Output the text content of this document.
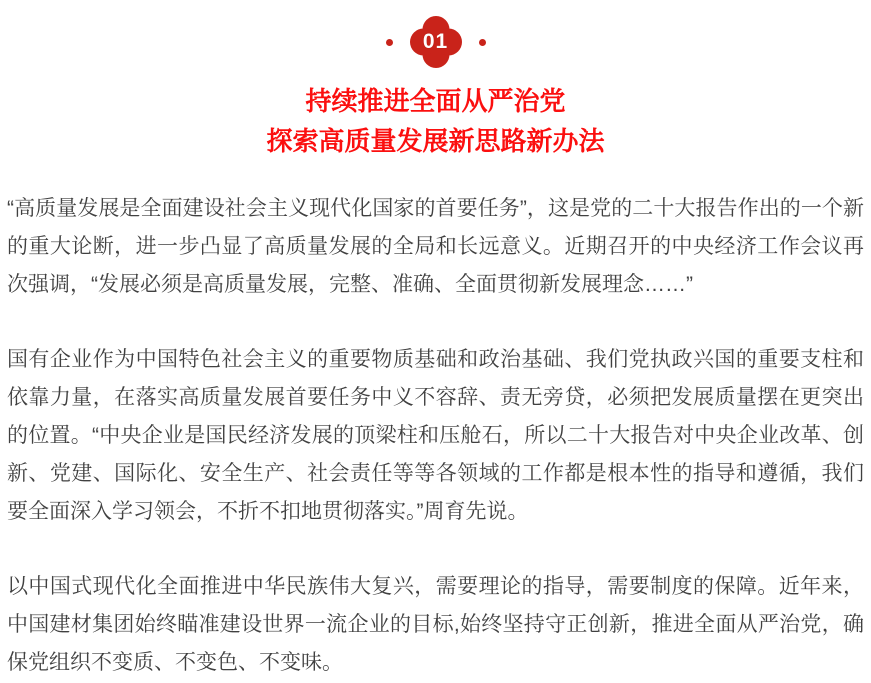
01
持续推进全面从严治党
探索高质量发展新思路新办法

“高质量发展是全面建设社会主义现代化国家的首要任务”，这是党的二十大报告作出的一个新的重大论断，进一步凸显了高质量发展的全局和长远意义。近期召开的中央经济工作会议再次强调，“发展必须是高质量发展，完整、准确、全面贯彻新发展理念……”

国有企业作为中国特色社会主义的重要物质基础和政治基础、我们党执政兴国的重要支柱和依靠力量，在落实高质量发展首要任务中义不容辞、责无旁贷，必须把发展质量摆在更突出的位置。“中央企业是国民经济发展的顶梁柱和压舱石，所以二十大报告对中央企业改革、创新、党建、国际化、安全生产、社会责任等等各领域的工作都是根本性的指导和遵循，我们要全面深入学习领会，不折不扣地贯彻落实。”周育先说。

以中国式现代化全面推进中华民族伟大复兴，需要理论的指导，需要制度的保障。近年来，中国建材集团始终瞄准建设世界一流企业的目标,始终坚持守正创新，推进全面从严治党，确保党组织不变质、不变色、不变味。
